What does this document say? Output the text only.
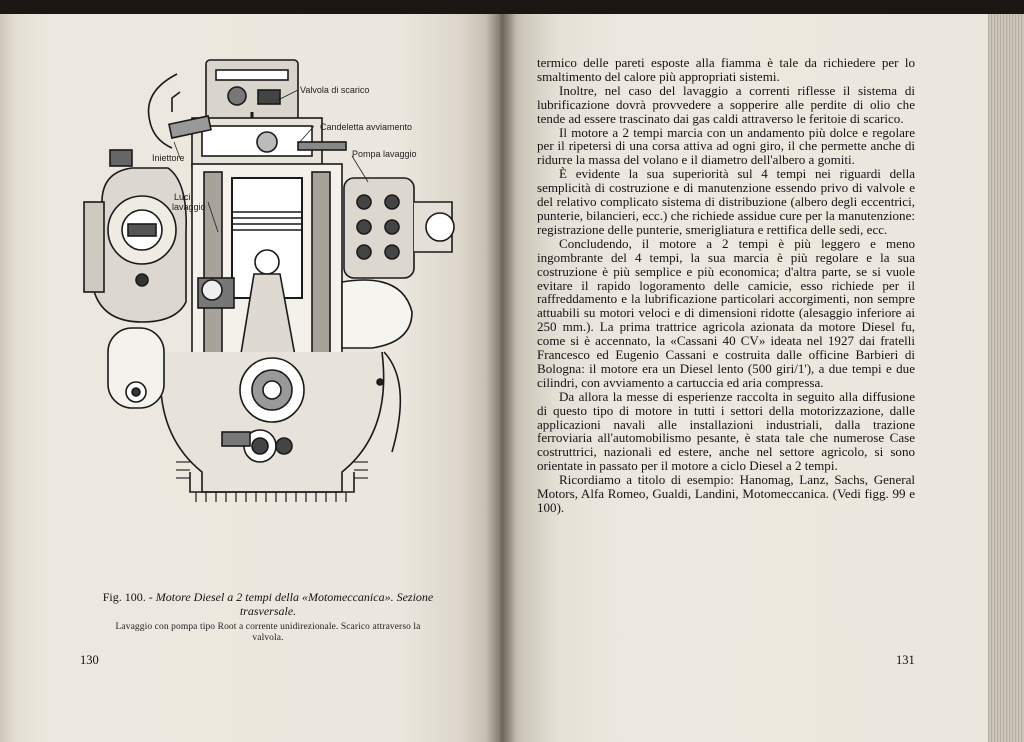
Valvola di scarico
Candeletta avviamento
Pompa lavaggio
Iniettore
Luci
lavaggio
Fig. 100. - Motore Diesel a 2 tempi della «Motomeccanica». Sezione
trasversale.
Lavaggio con pompa tipo Root a corrente unidirezionale. Scarico attraverso la
valvola.
130

termico delle pareti esposte alla fiamma è tale da richiedere per lo smaltimento del calore più appropriati sistemi.

Inoltre, nel caso del lavaggio a correnti riflesse il sistema di lubrificazione dovrà provvedere a sopperire alle perdite di olio che tende ad essere trascinato dai gas caldi attraverso le feritoie di scarico.

Il motore a 2 tempi marcia con un andamento più dolce e regolare per il ripetersi di una corsa attiva ad ogni giro, il che permette anche di ridurre la massa del volano e il diametro dell'albero a gomiti.

È evidente la sua superiorità sul 4 tempi nei riguardi della semplicità di costruzione e di manutenzione essendo privo di valvole e del relativo complicato sistema di distribuzione (albero degli eccentrici, punterie, bilancieri, ecc.) che richiede assidue cure per la manutenzione: registrazione delle punterie, smerigliatura e rettifica delle sedi, ecc.

Concludendo, il motore a 2 tempi è più leggero e meno ingombrante del 4 tempi, la sua marcia è più regolare e la sua costruzione è più semplice e più economica; d'altra parte, se si vuole evitare il rapido logoramento delle camicie, esso richiede per il raffreddamento e la lubrificazione particolari accorgimenti, non sempre attuabili su motori veloci e di dimensioni ridotte (alesaggio inferiore ai 250 mm.). La prima trattrice agricola azionata da motore Diesel fu, come si è accennato, la «Cassani 40 CV» ideata nel 1927 dai fratelli Francesco ed Eugenio Cassani e costruita dalle officine Barbieri di Bologna: il motore era un Diesel lento (500 giri/1'), a due tempi e due cilindri, con avviamento a cartuccia ed aria compressa.

Da allora la messe di esperienze raccolta in seguito alla diffusione di questo tipo di motore in tutti i settori della motorizzazione, dalle applicazioni navali alle installazioni industriali, dalla trazione ferroviaria all'automobilismo pesante, è stata tale che numerose Case costruttrici, nazionali ed estere, anche nel settore agricolo, si sono orientate in passato per il motore a ciclo Diesel a 2 tempi.

Ricordiamo a titolo di esempio: Hanomag, Lanz, Sachs, General Motors, Alfa Romeo, Gualdi, Landini, Motomeccanica. (Vedi figg. 99 e 100).

131
